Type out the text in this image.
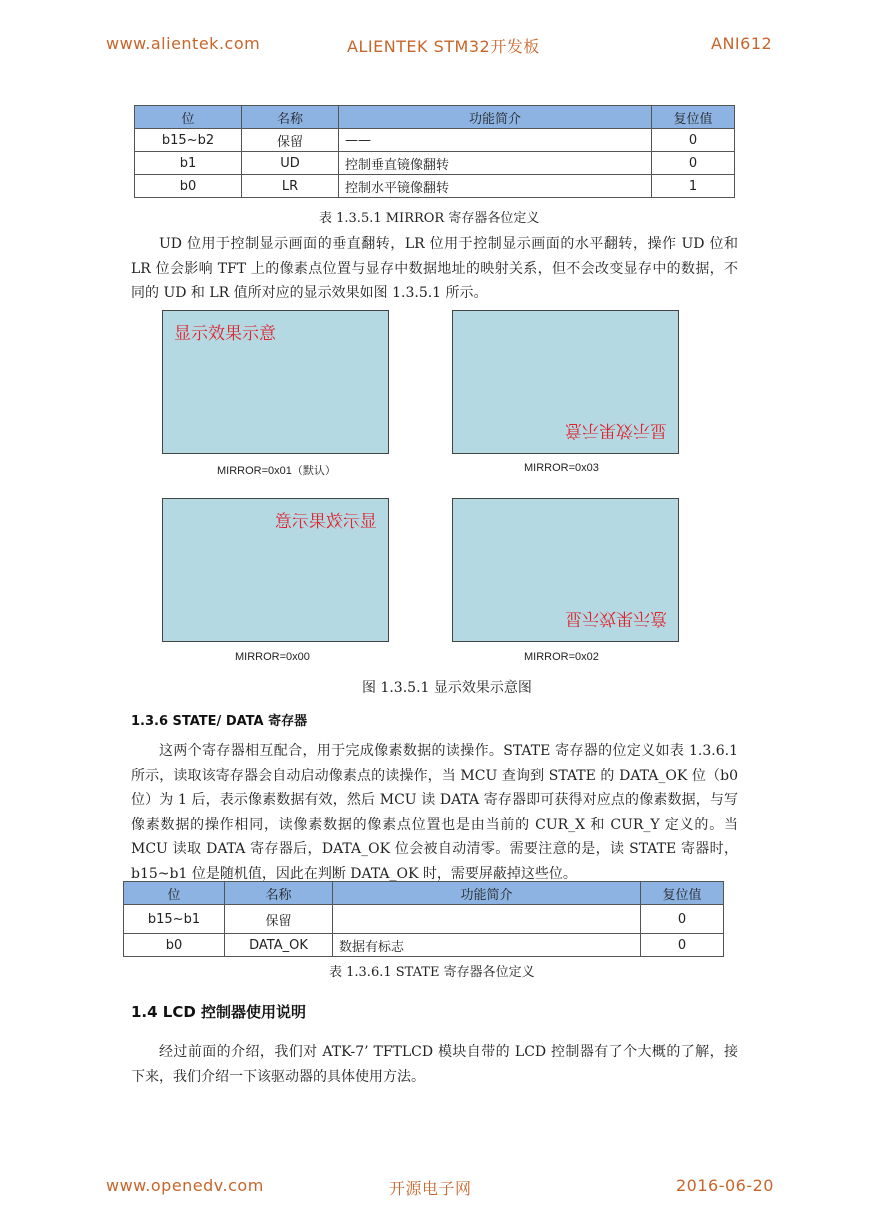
www.alientek.com	ALIENTEK STM32开发板	ANI612
位	名称	功能简介	复位值
b15~b2	保留	——	0
b1	UD	控制垂直镜像翻转	0
b0	LR	控制水平镜像翻转	1
表 1.3.5.1 MIRROR 寄存器各位定义
UD 位用于控制显示画面的垂直翻转，LR 位用于控制显示画面的水平翻转，操作 UD 位和 LR 位会影响 TFT 上的像素点位置与显存中数据地址的映射关系，但不会改变显存中的数据，不同的 UD 和 LR 值所对应的显示效果如图 1.3.5.1 所示。
显示效果示意
显示效果示意
MIRROR=0x01（默认）	MIRROR=0x03
显示效果示意
显示效果示意
MIRROR=0x00	MIRROR=0x02
图 1.3.5.1 显示效果示意图
1.3.6 STATE/ DATA 寄存器
这两个寄存器相互配合，用于完成像素数据的读操作。STATE 寄存器的位定义如表 1.3.6.1 所示，读取该寄存器会自动启动像素点的读操作，当 MCU 查询到 STATE 的 DATA_OK 位（b0 位）为 1 后，表示像素数据有效，然后 MCU 读 DATA 寄存器即可获得对应点的像素数据，与写像素数据的操作相同，读像素数据的像素点位置也是由当前的 CUR_X 和 CUR_Y 定义的。当 MCU 读取 DATA 寄存器后，DATA_OK 位会被自动清零。需要注意的是，读 STATE 寄器时，b15~b1 位是随机值，因此在判断 DATA_OK 时，需要屏蔽掉这些位。
位	名称	功能简介	复位值
b15~b1	保留		0
b0	DATA_OK	数据有标志	0
表 1.3.6.1 STATE 寄存器各位定义
1.4 LCD 控制器使用说明
经过前面的介绍，我们对 ATK-7’ TFTLCD 模块自带的 LCD 控制器有了个大概的了解，接下来，我们介绍一下该驱动器的具体使用方法。
www.openedv.com	开源电子网	2016-06-20
